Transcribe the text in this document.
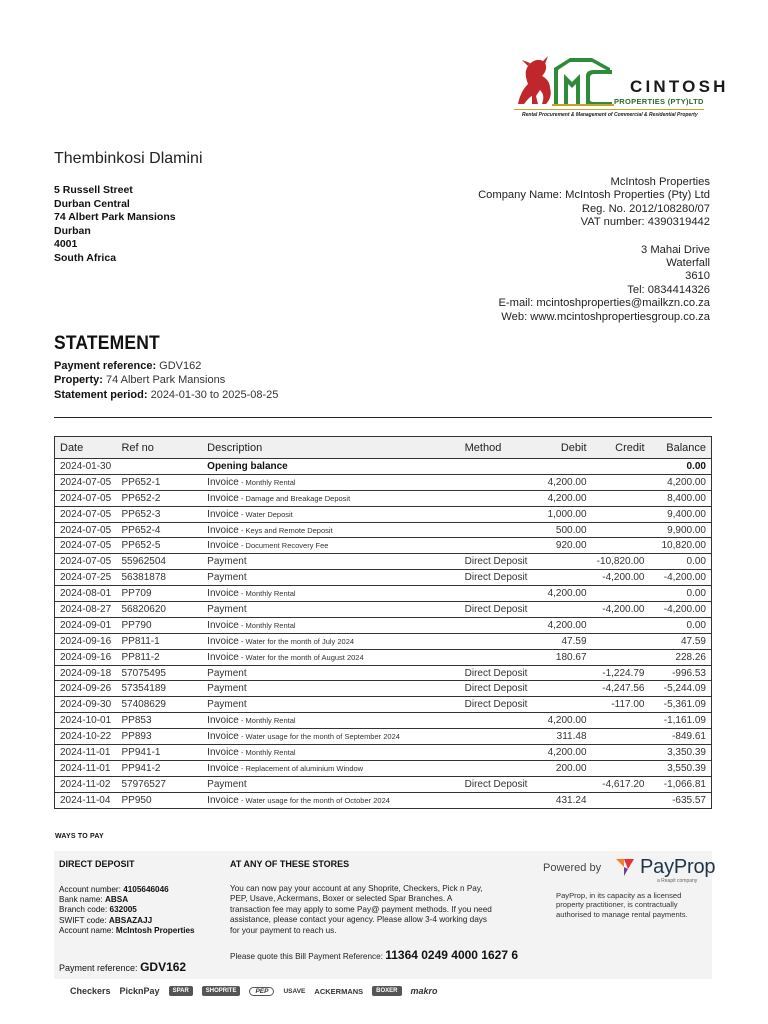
CINTOSH
PROPERTIES (PTY)LTD
Rental Procurement & Management of Commercial & Residential Property
Thembinkosi Dlamini
5 Russell Street
Durban Central
74 Albert Park Mansions
Durban
4001
South Africa
McIntosh Properties
Company Name: McIntosh Properties (Pty) Ltd
Reg. No. 2012/108280/07
VAT number: 4390319442
3 Mahai Drive
Waterfall
3610
Tel: 0834414326
E-mail: mcintoshproperties@mailkzn.co.za
Web: www.mcintoshpropertiesgroup.co.za
STATEMENT
Payment reference: GDV162
Property: 74 Albert Park Mansions
Statement period: 2024-01-30 to 2025-08-25
Date	Ref no	Description	Method	Debit	Credit	Balance
2024-01-30		Opening balance				0.00
2024-07-05	PP652-1	Invoice - Monthly Rental		4,200.00		4,200.00
2024-07-05	PP652-2	Invoice - Damage and Breakage Deposit		4,200.00		8,400.00
2024-07-05	PP652-3	Invoice - Water Deposit		1,000.00		9,400.00
2024-07-05	PP652-4	Invoice - Keys and Remote Deposit		500.00		9,900.00
2024-07-05	PP652-5	Invoice - Document Recovery Fee		920.00		10,820.00
2024-07-05	55962504	Payment	Direct Deposit		-10,820.00	0.00
2024-07-25	56381878	Payment	Direct Deposit		-4,200.00	-4,200.00
2024-08-01	PP709	Invoice - Monthly Rental		4,200.00		0.00
2024-08-27	56820620	Payment	Direct Deposit		-4,200.00	-4,200.00
2024-09-01	PP790	Invoice - Monthly Rental		4,200.00		0.00
2024-09-16	PP811-1	Invoice - Water for the month of July 2024		47.59		47.59
2024-09-16	PP811-2	Invoice - Water for the month of August 2024		180.67		228.26
2024-09-18	57075495	Payment	Direct Deposit		-1,224.79	-996.53
2024-09-26	57354189	Payment	Direct Deposit		-4,247.56	-5,244.09
2024-09-30	57408629	Payment	Direct Deposit		-117.00	-5,361.09
2024-10-01	PP853	Invoice - Monthly Rental		4,200.00		-1,161.09
2024-10-22	PP893	Invoice - Water usage for the month of September 2024		311.48		-849.61
2024-11-01	PP941-1	Invoice - Monthly Rental		4,200.00		3,350.39
2024-11-01	PP941-2	Invoice - Replacement of aluminium Window		200.00		3,550.39
2024-11-02	57976527	Payment	Direct Deposit		-4,617.20	-1,066.81
2024-11-04	PP950	Invoice - Water usage for the month of October 2024		431.24		-635.57
WAYS TO PAY
DIRECT DEPOSIT
Account number: 4105646046
Bank name: ABSA
Branch code: 632005
SWIFT code: ABSAZAJJ
Account name: McIntosh Properties
Payment reference: GDV162
AT ANY OF THESE STORES
You can now pay your account at any Shoprite, Checkers, Pick n Pay, PEP, Usave, Ackermans, Boxer or selected Spar Branches. A transaction fee may apply to some Pay@ payment methods. If you need assistance, please contact your agency. Please allow 3-4 working days for your payment to reach us.
Please quote this Bill Payment Reference: 11364 0249 4000 1627 6
Powered by PayProp
a Reapit company
PayProp, in its capacity as a licensed property practitioner, is contractually authorised to manage rental payments.
Checkers PicknPay	SPAR	SHOPRITE	PEP	USAVE ACKERMANS	BOXER	makro
